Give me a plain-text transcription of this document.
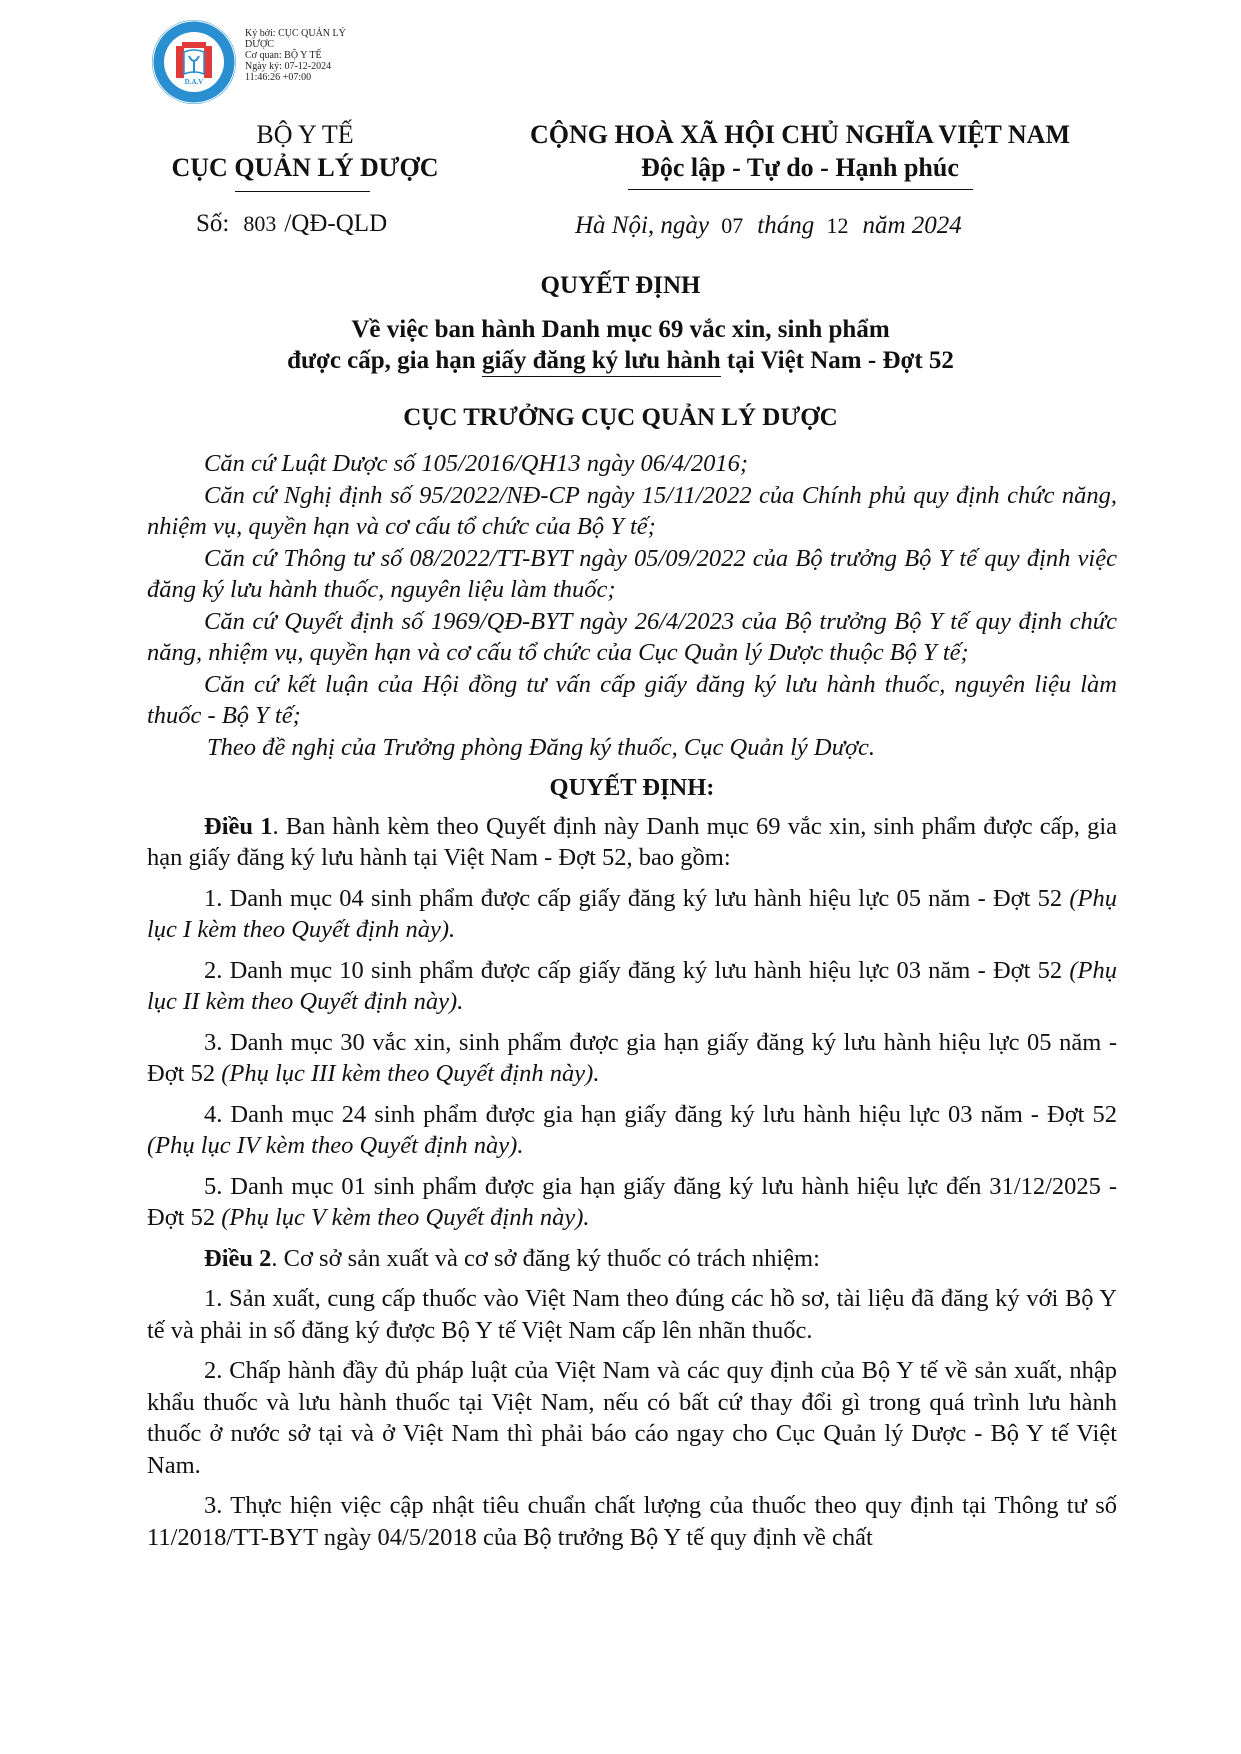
D.A.V
Ký bởi: CỤC QUẢN LÝ DƯỢC
Cơ quan: BỘ Y TẾ
Ngày ký: 07-12-2024 11:46:26 +07:00
BỘ Y TẾ
CỤC QUẢN LÝ DƯỢC
CỘNG HOÀ XÃ HỘI CHỦ NGHĨA VIỆT NAM
Độc lập - Tự do - Hạnh phúc
Số: 803 /QĐ-QLD	Hà Nội, ngày 07 tháng 12 năm 2024
QUYẾT ĐỊNH
Về việc ban hành Danh mục 69 vắc xin, sinh phẩm
được cấp, gia hạn giấy đăng ký lưu hành tại Việt Nam - Đợt 52
CỤC TRƯỞNG CỤC QUẢN LÝ DƯỢC

Căn cứ Luật Dược số 105/2016/QH13 ngày 06/4/2016;

Căn cứ Nghị định số 95/2022/NĐ-CP ngày 15/11/2022 của Chính phủ quy định chức năng, nhiệm vụ, quyền hạn và cơ cấu tổ chức của Bộ Y tế;

Căn cứ Thông tư số 08/2022/TT-BYT ngày 05/09/2022 của Bộ trưởng Bộ Y tế quy định việc đăng ký lưu hành thuốc, nguyên liệu làm thuốc;

Căn cứ Quyết định số 1969/QĐ-BYT ngày 26/4/2023 của Bộ trưởng Bộ Y tế quy định chức năng, nhiệm vụ, quyền hạn và cơ cấu tổ chức của Cục Quản lý Dược thuộc Bộ Y tế;

Căn cứ kết luận của Hội đồng tư vấn cấp giấy đăng ký lưu hành thuốc, nguyên liệu làm thuốc - Bộ Y tế;

Theo đề nghị của Trưởng phòng Đăng ký thuốc, Cục Quản lý Dược.

QUYẾT ĐỊNH:

Điều 1. Ban hành kèm theo Quyết định này Danh mục 69 vắc xin, sinh phẩm được cấp, gia hạn giấy đăng ký lưu hành tại Việt Nam - Đợt 52, bao gồm:

1. Danh mục 04 sinh phẩm được cấp giấy đăng ký lưu hành hiệu lực 05 năm - Đợt 52 (Phụ lục I kèm theo Quyết định này).

2. Danh mục 10 sinh phẩm được cấp giấy đăng ký lưu hành hiệu lực 03 năm - Đợt 52 (Phụ lục II kèm theo Quyết định này).

3. Danh mục 30 vắc xin, sinh phẩm được gia hạn giấy đăng ký lưu hành hiệu lực 05 năm - Đợt 52 (Phụ lục III kèm theo Quyết định này).

4. Danh mục 24 sinh phẩm được gia hạn giấy đăng ký lưu hành hiệu lực 03 năm - Đợt 52 (Phụ lục IV kèm theo Quyết định này).

5. Danh mục 01 sinh phẩm được gia hạn giấy đăng ký lưu hành hiệu lực đến 31/12/2025 - Đợt 52 (Phụ lục V kèm theo Quyết định này).

Điều 2. Cơ sở sản xuất và cơ sở đăng ký thuốc có trách nhiệm:

1. Sản xuất, cung cấp thuốc vào Việt Nam theo đúng các hồ sơ, tài liệu đã đăng ký với Bộ Y tế và phải in số đăng ký được Bộ Y tế Việt Nam cấp lên nhãn thuốc.

2. Chấp hành đầy đủ pháp luật của Việt Nam và các quy định của Bộ Y tế về sản xuất, nhập khẩu thuốc và lưu hành thuốc tại Việt Nam, nếu có bất cứ thay đổi gì trong quá trình lưu hành thuốc ở nước sở tại và ở Việt Nam thì phải báo cáo ngay cho Cục Quản lý Dược - Bộ Y tế Việt Nam.

3. Thực hiện việc cập nhật tiêu chuẩn chất lượng của thuốc theo quy định tại Thông tư số 11/2018/TT-BYT ngày 04/5/2018 của Bộ trưởng Bộ Y tế quy định về chất
